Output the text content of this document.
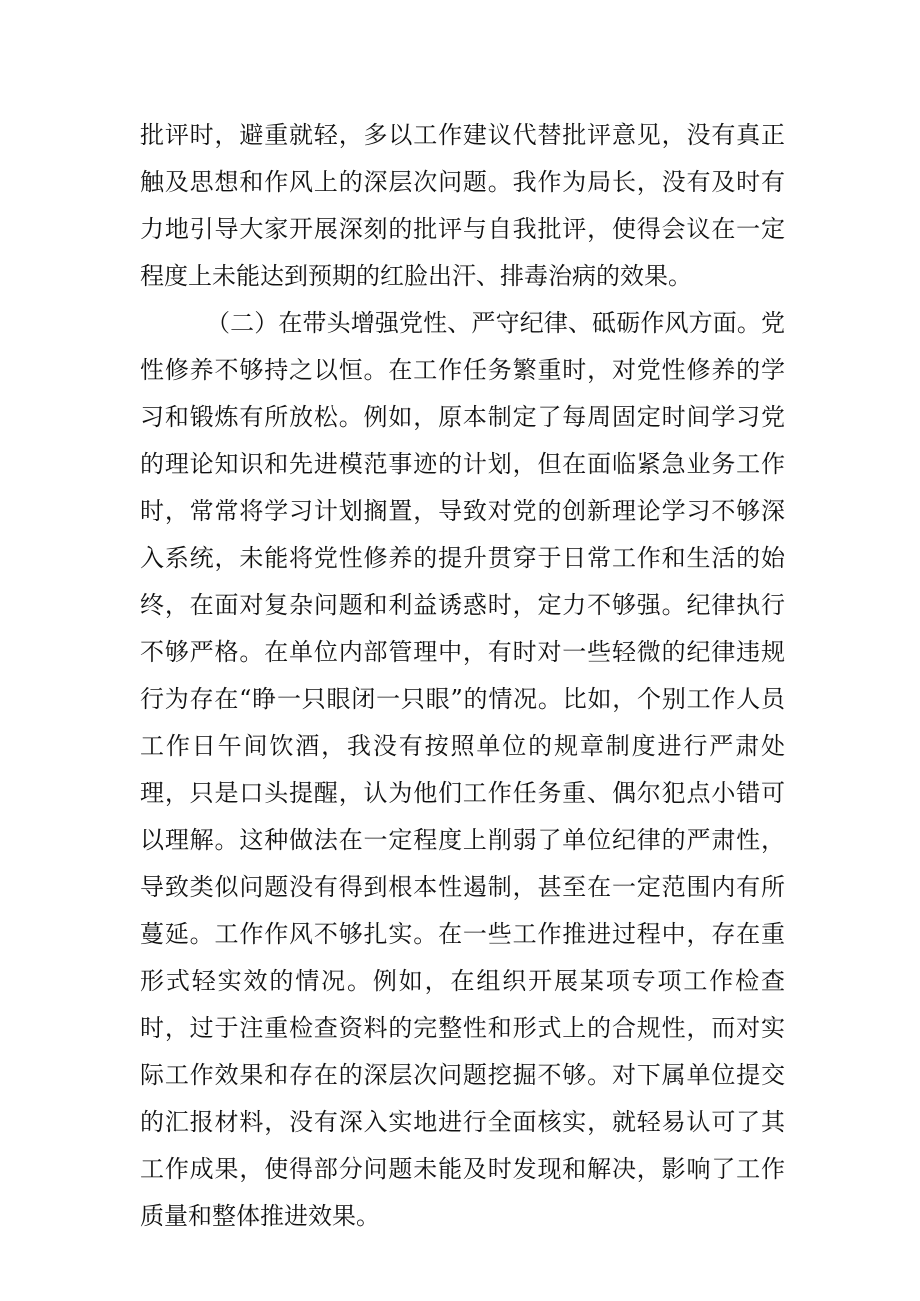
批评时，避重就轻，多以工作建议代替批评意见，没有真正触及思想和作风上的深层次问题。我作为局长，没有及时有力地引导大家开展深刻的批评与自我批评，使得会议在一定程度上未能达到预期的红脸出汗、排毒治病的效果。

（二）在带头增强党性、严守纪律、砥砺作风方面。党性修养不够持之以恒。在工作任务繁重时，对党性修养的学习和锻炼有所放松。例如，原本制定了每周固定时间学习党的理论知识和先进模范事迹的计划，但在面临紧急业务工作时，常常将学习计划搁置，导致对党的创新理论学习不够深入系统，未能将党性修养的提升贯穿于日常工作和生活的始终，在面对复杂问题和利益诱惑时，定力不够强。纪律执行不够严格。在单位内部管理中，有时对一些轻微的纪律违规行为存在“睁一只眼闭一只眼”的情况。比如，个别工作人员工作日午间饮酒，我没有按照单位的规章制度进行严肃处理，只是口头提醒，认为他们工作任务重、偶尔犯点小错可以理解。这种做法在一定程度上削弱了单位纪律的严肃性，导致类似问题没有得到根本性遏制，甚至在一定范围内有所蔓延。工作作风不够扎实。在一些工作推进过程中，存在重形式轻实效的情况。例如，在组织开展某项专项工作检查时，过于注重检查资料的完整性和形式上的合规性，而对实际工作效果和存在的深层次问题挖掘不够。对下属单位提交的汇报材料，没有深入实地进行全面核实，就轻易认可了其工作成果，使得部分问题未能及时发现和解决，影响了工作质量和整体推进效果。
